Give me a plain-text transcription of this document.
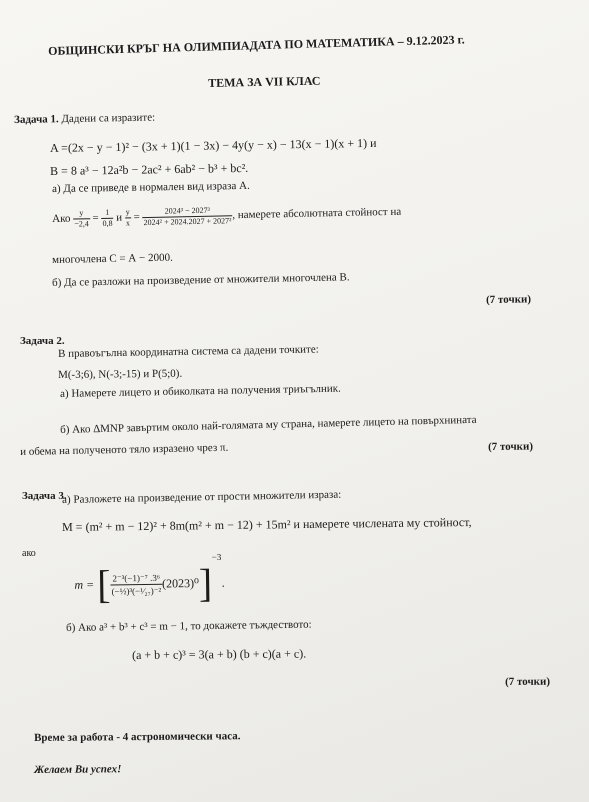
ОБЩИНСКИ КРЪГ НА ОЛИМПИАДАТА ПО МАТЕМАТИКА – 9.12.2023 г.
ТЕМА ЗА VII КЛАС
Задача 1. Дадени са изразите:
A =(2x − y − 1)² − (3x + 1)(1 − 3x) − 4y(y − x) − 13(x − 1)(x + 1) и
B = 8 a³ − 12a²b − 2ac² + 6ab² − b³ + bc².
а) Да се приведе в нормален вид израза А.
Ако $\frac{y}{-2,4} = \frac{1}{0,8}$ и $\frac{y}{x} = \frac{\text{2024³ − 2027³}}{\text{2024² + 2024.2027 + 2027²}}$ , намерете абсолютната стойност на
многочлена С = А − 2000.
б) Да се разложи на произведение от множители многочлена В.
(7 точки)
Задача 2.
В правоъгълна координатна система са дадени точките:
M(-3;6), N(-3;-15) и P(5;0).
а) Намерете лицето и обиколката на получения триъгълник.
б) Ако ΔMNP завъртим около най-голямата му страна, намерете лицето на повърхнината
и обема на полученото тяло изразено чрез π.	(7 точки)
Задача 3.
а) Разложете на произведение от прости множители израза:
M = (m² + m − 12)² + 8m(m² + m − 12) + 15m² и намерете числената му стойност,
ако
m = [ $\frac{\text{2⁻³(−1)⁻⁷ .3⁶}}{\text{(−½)³(−¹⁄₂₇)⁻²}} (2023)^0]^{-3}$.
б) Ако a³ + b³ + c³ = m − 1, то докажете тъждеството:
(a + b + c)³ = 3(a + b) (b + c)(a + c).
(7 точки)
Време за работа - 4 астрономически часа.
Желаем Ви успех!
